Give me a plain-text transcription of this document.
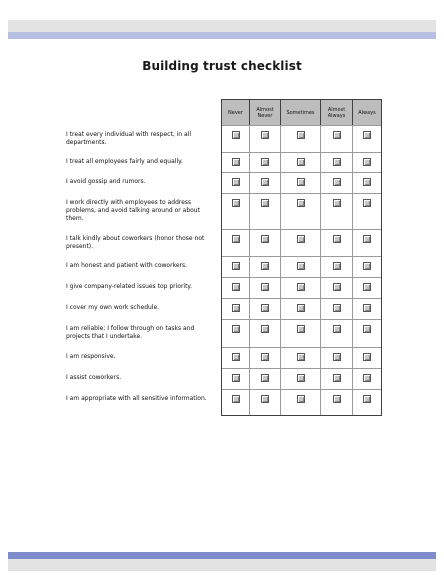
Building trust checklist
Never	Almost Never	Sometimes	Almost Always	Always
I treat every individual with respect, in all departments.
I treat all employees fairly and equally.
I avoid gossip and rumors.
I work directly with employees to address problems, and avoid talking around or about them.
I talk kindly about coworkers (honor those not present).
I am honest and patient with coworkers.
I give company-related issues top priority.
I cover my own work schedule.
I am reliable; I follow through on tasks and projects that I undertake.
I am responsive.
I assist coworkers.
I am appropriate with all sensitive information.
